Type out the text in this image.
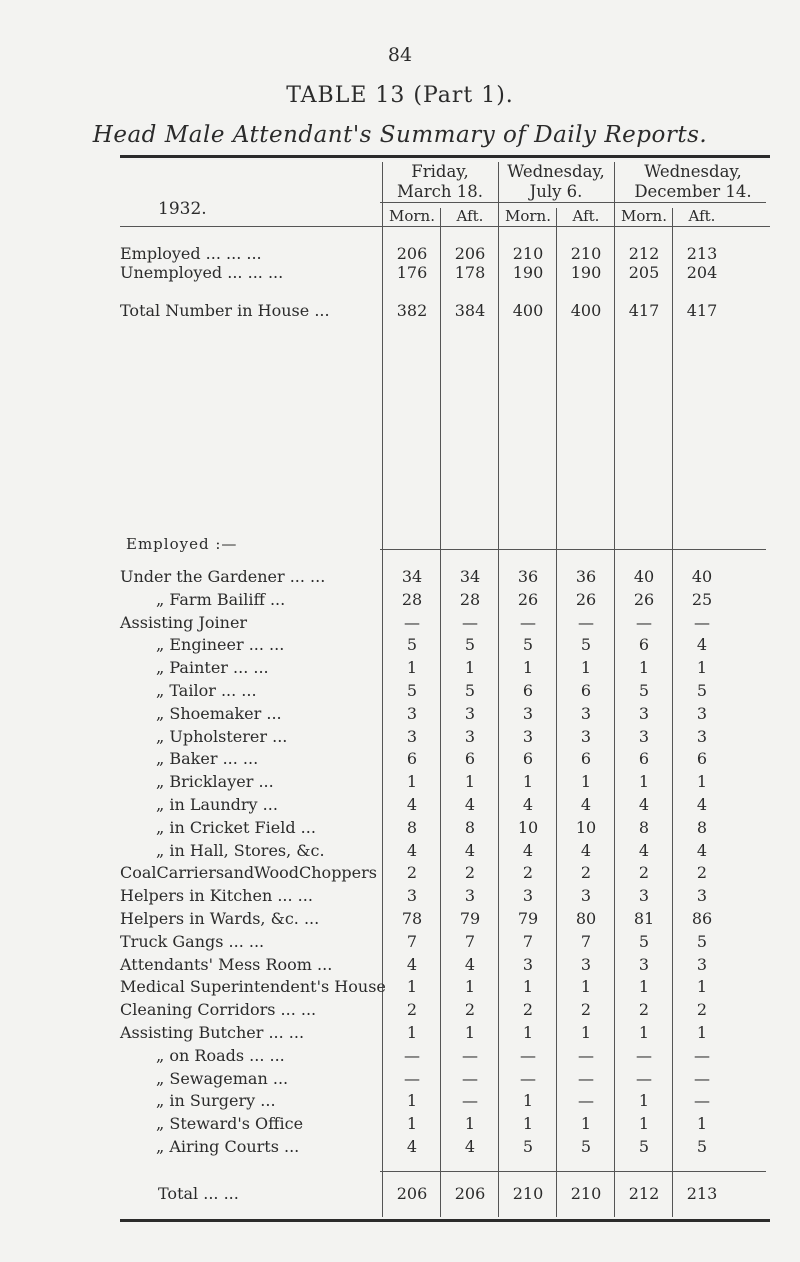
84
TABLE 13 (Part 1).
Head Male Attendant's Summary of Daily Reports.
1932.
Friday,
March 18.
Wednesday,
July 6.
Wednesday,
December 14.
Morn.	Aft.	Morn.	Aft.	Morn.	Aft.
Employed :—
Employed ... ... ...	206	206	210	210	212	213
Unemployed ... ... ...	176	178	190	190	205	204
Total Number in House ...	382	384	400	400	417	417
Under the Gardener ... ...	34	34	36	36	40	40
„ Farm Bailiff ...	28	28	26	26	26	25
Assisting Joiner	—	—	—	—	—	—
„ Engineer ... ...	5	5	5	5	6	4
„ Painter ... ...	1	1	1	1	1	1
„ Tailor ... ...	5	5	6	6	5	5
„ Shoemaker ...	3	3	3	3	3	3
„ Upholsterer ...	3	3	3	3	3	3
„ Baker ... ...	6	6	6	6	6	6
„ Bricklayer ...	1	1	1	1	1	1
„ in Laundry ...	4	4	4	4	4	4
„ in Cricket Field ...	8	8	10	10	8	8
„ in Hall, Stores, &c.	4	4	4	4	4	4
CoalCarriersandWoodChoppers	2	2	2	2	2	2
Helpers in Kitchen ... ...	3	3	3	3	3	3
Helpers in Wards, &c. ...	78	79	79	80	81	86
Truck Gangs ... ...	7	7	7	7	5	5
Attendants' Mess Room ...	4	4	3	3	3	3
Medical Superintendent's House	1	1	1	1	1	1
Cleaning Corridors ... ...	2	2	2	2	2	2
Assisting Butcher ... ...	1	1	1	1	1	1
„ on Roads ... ...	—	—	—	—	—	—
„ Sewageman ...	—	—	—	—	—	—
„ in Surgery ...	1	—	1	—	1	—
„ Steward's Office	1	1	1	1	1	1
„ Airing Courts ...	4	4	5	5	5	5
Total ... ...	206	206	210	210	212	213
